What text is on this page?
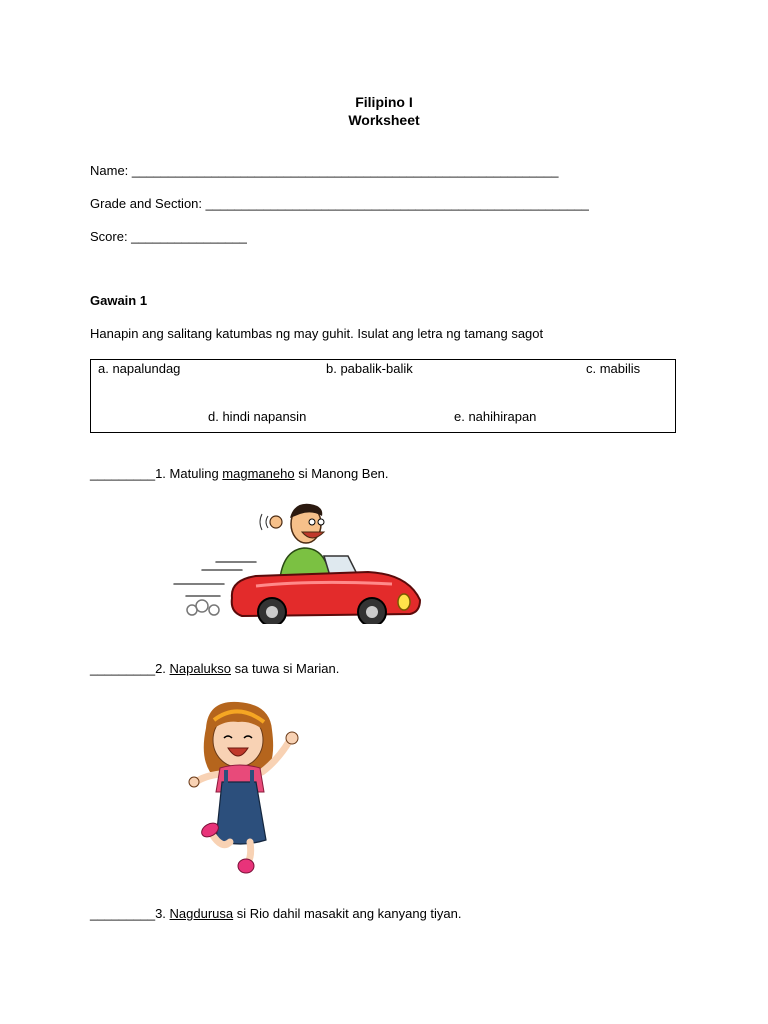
Filipino I
Worksheet
Name: ___________________________________________________________
Grade and Section: _____________________________________________________
Score: ________________
Gawain 1
Hanapin ang salitang katumbas ng may guhit. Isulat ang letra ng tamang sagot
a. napalundag	b. pabalik-balik	c. mabilis
d. hindi napansin	e. nahihirapan
_________1. Matuling magmaneho si Manong Ben.
_________2. Napalukso sa tuwa si Marian.
_________3. Nagdurusa si Rio dahil masakit ang kanyang tiyan.
